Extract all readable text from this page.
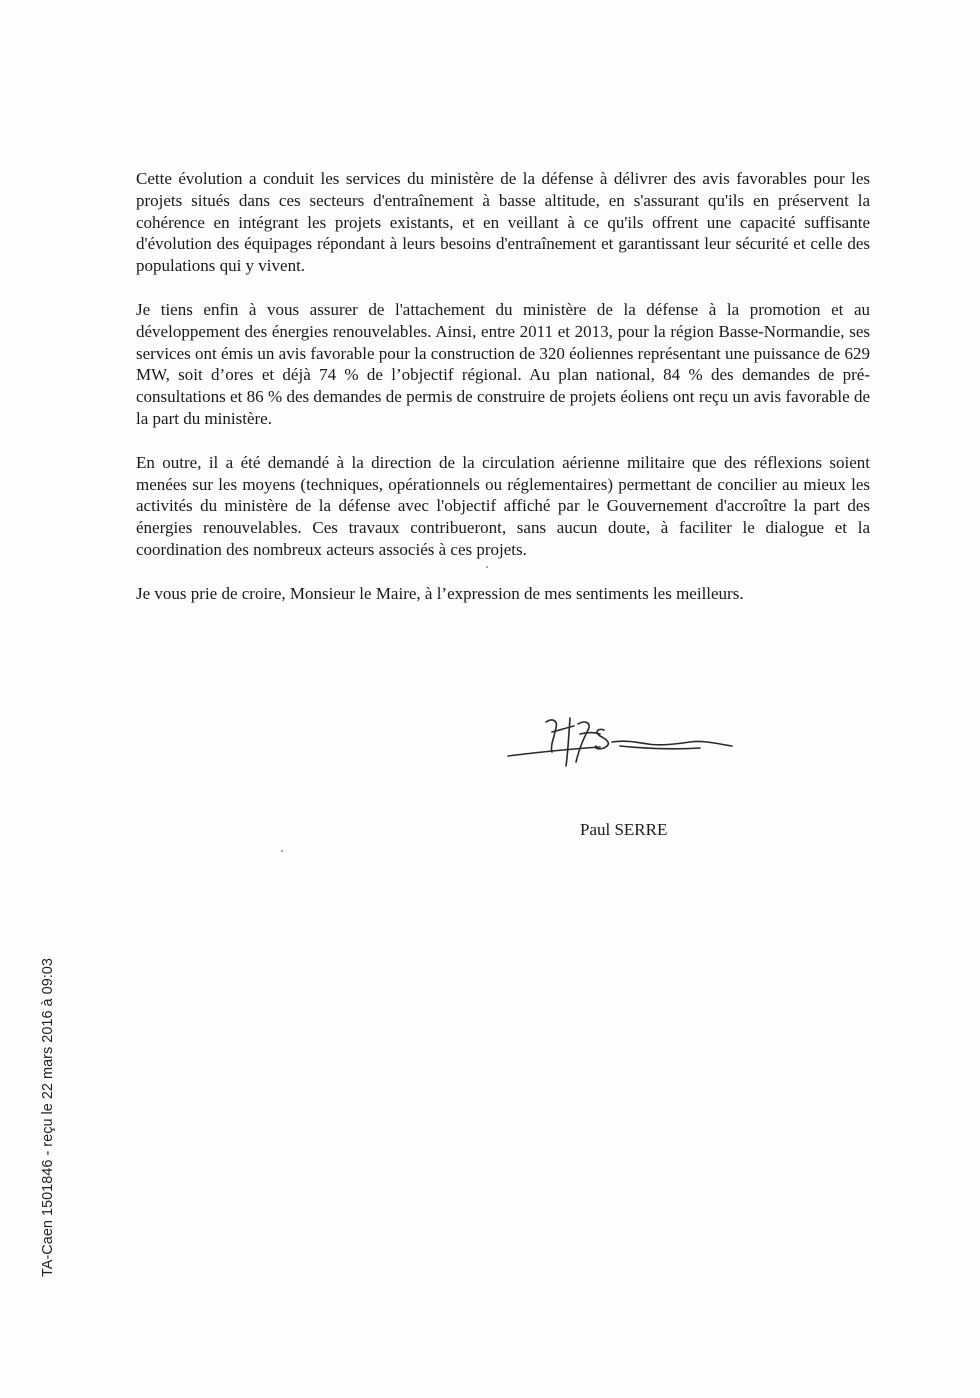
Cette évolution a conduit les services du ministère de la défense à délivrer des avis favorables pour les projets situés dans ces secteurs d'entraînement à basse altitude, en s'assurant qu'ils en préservent la cohérence en intégrant les projets existants, et en veillant à ce qu'ils offrent une capacité suffisante d'évolution des équipages répondant à leurs besoins d'entraînement et garantissant leur sécurité et celle des populations qui y vivent.

Je tiens enfin à vous assurer de l'attachement du ministère de la défense à la promotion et au développement des énergies renouvelables. Ainsi, entre 2011 et 2013, pour la région Basse-Normandie, ses services ont émis un avis favorable pour la construction de 320 éoliennes représentant une puissance de 629 MW, soit d’ores et déjà 74 % de l’objectif régional. Au plan national, 84 % des demandes de pré-consultations et 86 % des demandes de permis de construire de projets éoliens ont reçu un avis favorable de la part du ministère.

En outre, il a été demandé à la direction de la circulation aérienne militaire que des réflexions soient menées sur les moyens (techniques, opérationnels ou réglementaires) permettant de concilier au mieux les activités du ministère de la défense avec l'objectif affiché par le Gouvernement d'accroître la part des énergies renouvelables. Ces travaux contribueront, sans aucun doute, à faciliter le dialogue et la coordination des nombreux acteurs associés à ces projets.

Je vous prie de croire, Monsieur le Maire, à l’expression de mes sentiments les meilleurs.

Paul SERRE
TA-Caen 1501846 - reçu le 22 mars 2016 à 09:03
